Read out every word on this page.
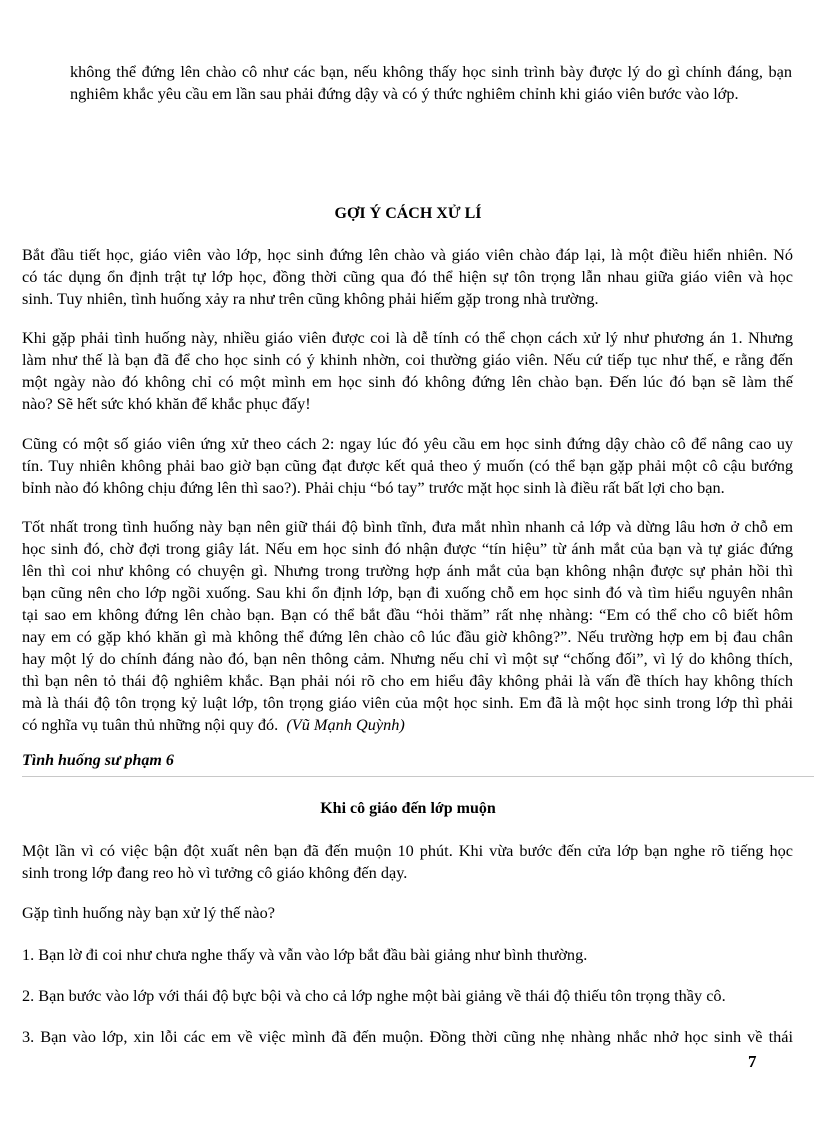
không thể đứng lên chào cô như các bạn, nếu không thấy học sinh trình bày được lý do gì chính đáng, bạn
nghiêm khắc yêu cầu em lần sau phải đứng dậy và có ý thức nghiêm chỉnh khi giáo viên bước vào lớp.
GỢI Ý CÁCH XỬ LÍ
Bắt đầu tiết học, giáo viên vào lớp, học sinh đứng lên chào và giáo viên chào đáp lại, là một điều hiển nhiên. Nó
có tác dụng ổn định trật tự lớp học, đồng thời cũng qua đó thể hiện sự tôn trọng lẫn nhau giữa giáo viên và học
sinh. Tuy nhiên, tình huống xảy ra như trên cũng không phải hiếm gặp trong nhà trường.
Khi gặp phải tình huống này, nhiều giáo viên được coi là dễ tính có thể chọn cách xử lý như phương án 1. Nhưng
làm như thế là bạn đã để cho học sinh có ý khinh nhờn, coi thường giáo viên. Nếu cứ tiếp tục như thế, e rằng đến
một ngày nào đó không chỉ có một mình em học sinh đó không đứng lên chào bạn. Đến lúc đó bạn sẽ làm thế
nào? Sẽ hết sức khó khăn để khắc phục đấy!
Cũng có một số giáo viên ứng xử theo cách 2: ngay lúc đó yêu cầu em học sinh đứng dậy chào cô để nâng cao uy
tín. Tuy nhiên không phải bao giờ bạn cũng đạt được kết quả theo ý muốn (có thể bạn gặp phải một cô cậu bướng
bỉnh nào đó không chịu đứng lên thì sao?). Phải chịu “bó tay” trước mặt học sinh là điều rất bất lợi cho bạn.
Tốt nhất trong tình huống này bạn nên giữ thái độ bình tĩnh, đưa mắt nhìn nhanh cả lớp và dừng lâu hơn ở chỗ em
học sinh đó, chờ đợi trong giây lát. Nếu em học sinh đó nhận được “tín hiệu” từ ánh mắt của bạn và tự giác đứng
lên thì coi như không có chuyện gì. Nhưng trong trường hợp ánh mắt của bạn không nhận được sự phản hồi thì
bạn cũng nên cho lớp ngồi xuống. Sau khi ổn định lớp, bạn đi xuống chỗ em học sinh đó và tìm hiểu nguyên nhân
tại sao em không đứng lên chào bạn. Bạn có thể bắt đầu “hỏi thăm” rất nhẹ nhàng: “Em có thể cho cô biết hôm
nay em có gặp khó khăn gì mà không thể đứng lên chào cô lúc đầu giờ không?”. Nếu trường hợp em bị đau chân
hay một lý do chính đáng nào đó, bạn nên thông cảm. Nhưng nếu chỉ vì một sự “chống đối”, vì lý do không thích,
thì bạn nên tỏ thái độ nghiêm khắc. Bạn phải nói rõ cho em hiểu đây không phải là vấn đề thích hay không thích
mà là thái độ tôn trọng kỷ luật lớp, tôn trọng giáo viên của một học sinh. Em đã là một học sinh trong lớp thì phải
có nghĩa vụ tuân thủ những nội quy đó. (Vũ Mạnh Quỳnh)
Tình huống sư phạm 6
Khi cô giáo đến lớp muộn
Một lần vì có việc bận đột xuất nên bạn đã đến muộn 10 phút. Khi vừa bước đến cửa lớp bạn nghe rõ tiếng học
sinh trong lớp đang reo hò vì tưởng cô giáo không đến dạy.
Gặp tình huống này bạn xử lý thế nào?
1. Bạn lờ đi coi như chưa nghe thấy và vẫn vào lớp bắt đầu bài giảng như bình thường.
2. Bạn bước vào lớp với thái độ bực bội và cho cả lớp nghe một bài giảng về thái độ thiếu tôn trọng thầy cô.
3. Bạn vào lớp, xin lỗi các em về việc mình đã đến muộn. Đồng thời cũng nhẹ nhàng nhắc nhở học sinh về thái
7
